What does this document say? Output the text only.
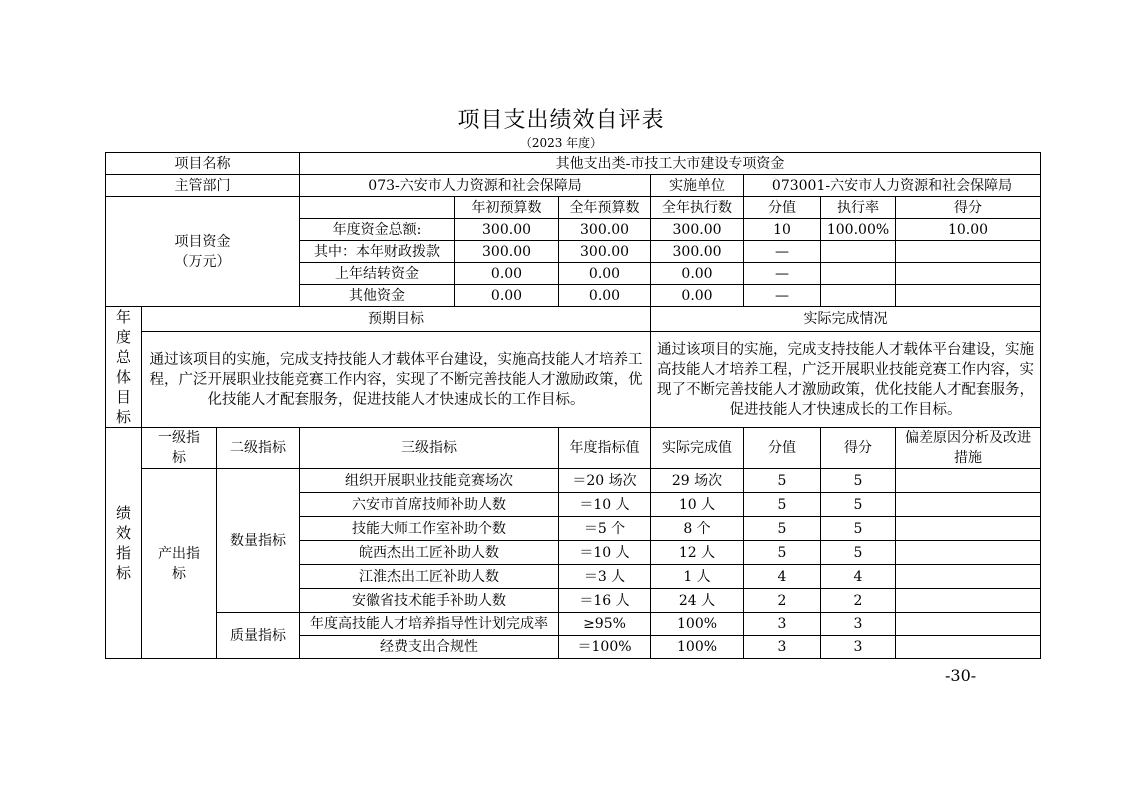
项目支出绩效自评表
（2023 年度）
项目名称			其他支出类-市技工大市建设专项资金						
主管部门			073-六安市人力资源和社会保障局			实施单位	073001-六安市人力资源和社会保障局		

项目资金
（万元）				年初预算数	全年预算数	全年执行数	分值	执行率	得分
			年度资金总额:	300.00	300.00	300.00	10	100.00%	10.00
			其中：本年财政拨款	300.00	300.00	300.00	—		
			上年结转资金	0.00	0.00	0.00	—		
			其他资金	0.00	0.00	0.00	—		

年度总体目标	预期目标					实际完成情况			
	通过该项目的实施，完成支持技能人才载体平台建设，实施高技能人才培养工程，广泛开展职业技能竞赛工作内容，实现了不断完善技能人才激励政策，优化技能人才配套服务，促进技能人才快速成长的工作目标。					通过该项目的实施，完成支持技能人才载体平台建设，实施高技能人才培养工程，广泛开展职业技能竞赛工作内容，实现了不断完善技能人才激励政策，优化技能人才配套服务，促进技能人才快速成长的工作目标。			

绩效指标	一级指标	二级指标	三级指标		年度指标值	实际完成值	分值	得分	偏差原因分析及改进措施
	产出指标	数量指标	组织开展职业技能竞赛场次		＝20 场次	29 场次	5	5	
			六安市首席技师补助人数		＝10 人	10 人	5	5	
			技能大师工作室补助个数		＝5 个	8 个	5	5	
			皖西杰出工匠补助人数		＝10 人	12 人	5	5	
			江淮杰出工匠补助人数		＝3 人	1 人	4	4	
			安徽省技术能手补助人数		＝16 人	24 人	2	2	
		质量指标	年度高技能人才培养指导性计划完成率		≥95%	100%	3	3	
			经费支出合规性		＝100%	100%	3	3	
-30-
